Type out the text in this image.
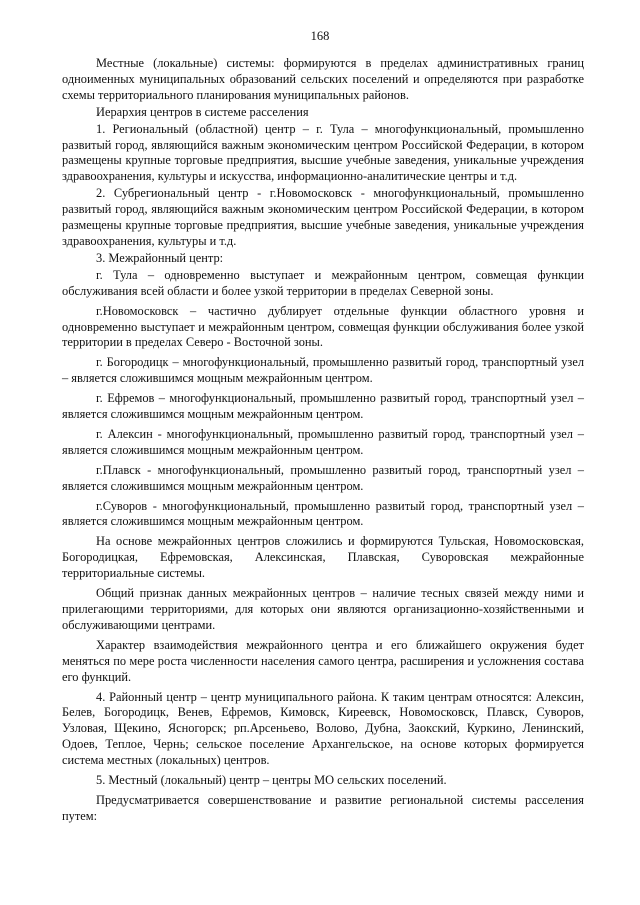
168

Местные (локальные) системы: формируются в пределах административных границ одноименных муниципальных образований сельских поселений и определяются при разработке схемы территориального планирования муниципальных районов.

Иерархия центров в системе расселения

1. Региональный (областной) центр – г. Тула – многофункциональный, промышленно развитый город, являющийся важным экономическим центром Российской Федерации, в котором размещены крупные торговые предприятия, высшие учебные заведения, уникальные учреждения здравоохранения, культуры и искусства, информационно-аналитические центры и т.д.

2. Субрегиональный центр - г.Новомосковск - многофункциональный, промышленно развитый город, являющийся важным экономическим центром Российской Федерации, в котором размещены крупные торговые предприятия, высшие учебные заведения, уникальные учреждения здравоохранения, культуры и т.д.

3. Межрайонный центр:

г. Тула – одновременно выступает и межрайонным центром, совмещая функции обслуживания всей области и более узкой территории в пределах Северной зоны.

г.Новомосковск – частично дублирует отдельные функции областного уровня и одновременно выступает и межрайонным центром, совмещая функции обслуживания более узкой территории в пределах Северо - Восточной зоны.

г. Богородицк – многофункциональный, промышленно развитый город, транспортный узел – является сложившимся мощным межрайонным центром.

г. Ефремов – многофункциональный, промышленно развитый город, транспортный узел – является сложившимся мощным межрайонным центром.

г. Алексин - многофункциональный, промышленно развитый город, транспортный узел – является сложившимся мощным межрайонным центром.

г.Плавск - многофункциональный, промышленно развитый город, транспортный узел – является сложившимся мощным межрайонным центром.

г.Суворов - многофункциональный, промышленно развитый город, транспортный узел – является сложившимся мощным межрайонным центром.

На основе межрайонных центров сложились и формируются Тульская, Новомосковская, Богородицкая, Ефремовская, Алексинская, Плавская, Суворовская межрайонные территориальные системы.

Общий признак данных межрайонных центров – наличие тесных связей между ними и прилегающими территориями, для которых они являются организационно-хозяйственными и обслуживающими центрами.

Характер взаимодействия межрайонного центра и его ближайшего окружения будет меняться по мере роста численности населения самого центра, расширения и усложнения состава его функций.

4. Районный центр – центр муниципального района. К таким центрам относятся: Алексин, Белев, Богородицк, Венев, Ефремов, Кимовск, Киреевск, Новомосковск, Плавск, Суворов, Узловая, Щекино, Ясногорск; рп.Арсеньево, Волово, Дубна, Заокский, Куркино, Ленинский, Одоев, Теплое, Чернь; сельское поселение Архангельское, на основе которых формируется система местных (локальных) центров.

5. Местный (локальный) центр – центры МО сельских поселений.

Предусматривается совершенствование и развитие региональной системы расселения путем:
